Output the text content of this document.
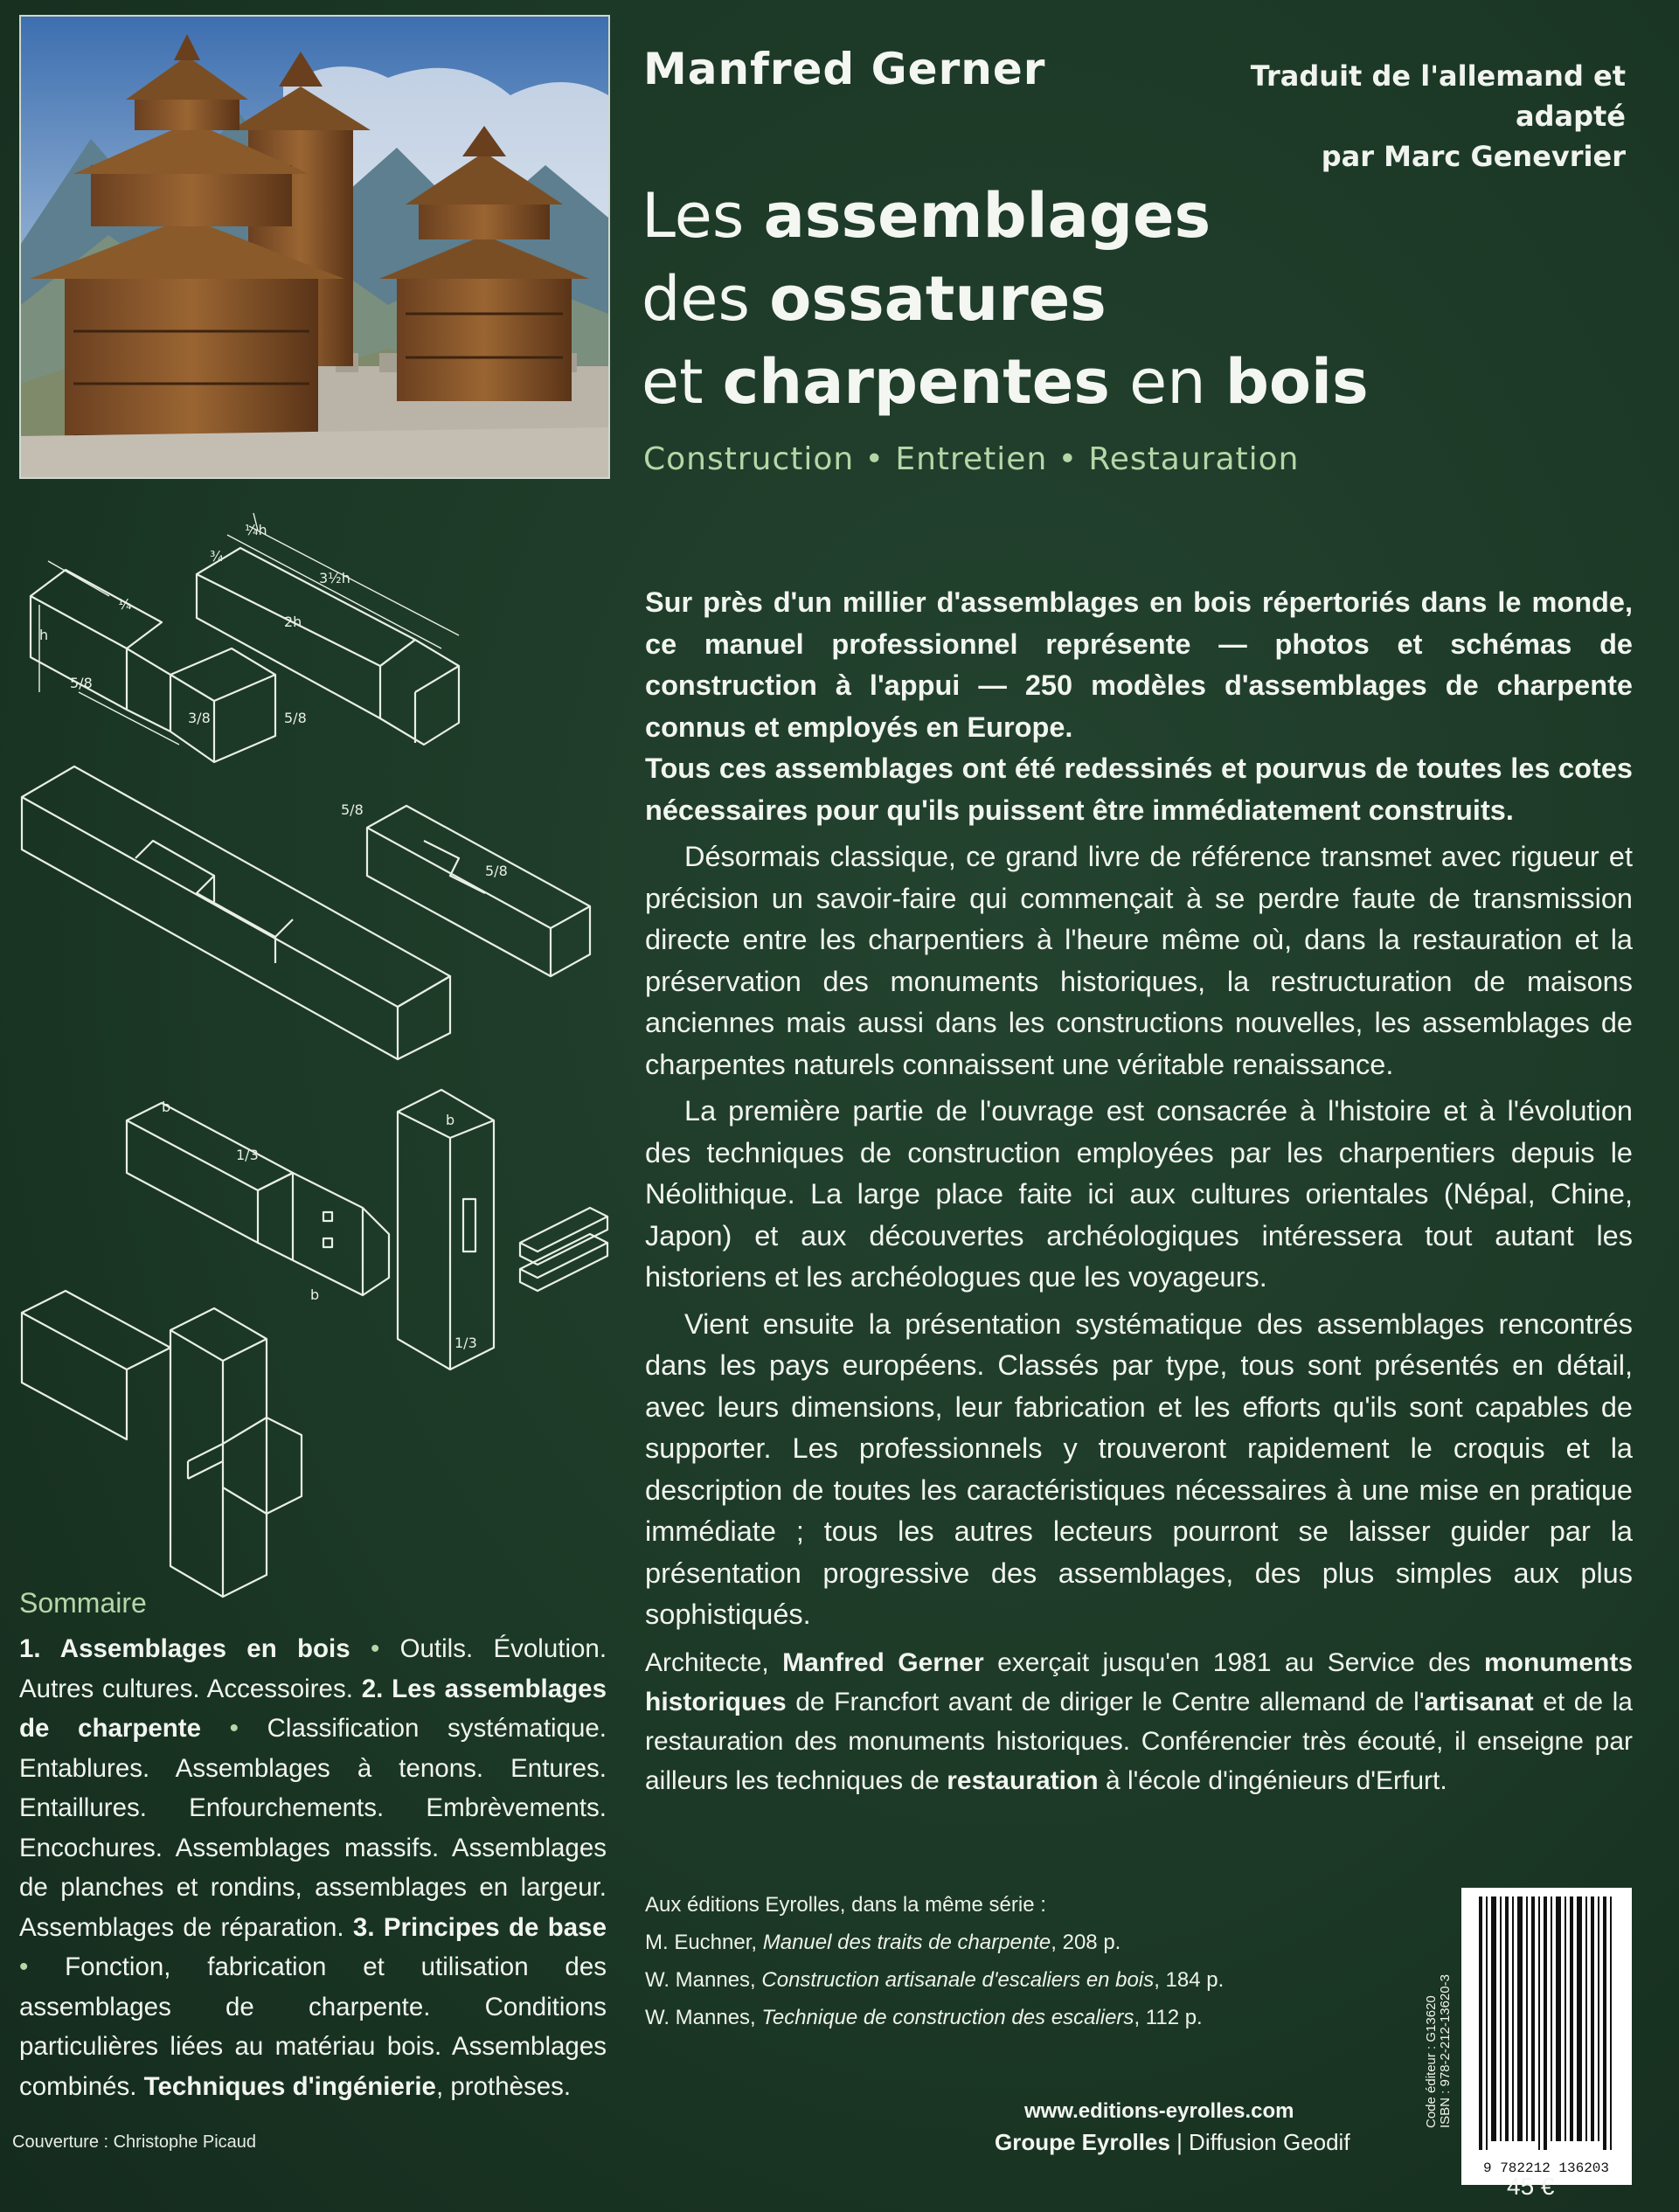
Manfred Gerner	Traduit de l'allemand et adapté
par Marc Genevrier
Les assemblages
des ossatures
et charpentes en bois
Construction • Entretien • Restauration
¼h
3½h
2h
h
5/8
5/8
3/8
¼
¾
5/8
5/8
b
1/3
b
b
1/3

Sur près d'un millier d'assemblages en bois répertoriés dans le monde, ce manuel professionnel représente — photos et schémas de construction à l'appui — 250 modèles d'assemblages de charpente connus et employés en Europe.

Tous ces assemblages ont été redessinés et pourvus de toutes les cotes nécessaires pour qu'ils puissent être immédiatement construits.

Désormais classique, ce grand livre de référence transmet avec rigueur et précision un savoir-faire qui commençait à se perdre faute de transmission directe entre les charpentiers à l'heure même où, dans la restauration et la préservation des monuments historiques, la restructuration de maisons anciennes mais aussi dans les constructions nouvelles, les assemblages de charpentes naturels connaissent une véritable renaissance.

La première partie de l'ouvrage est consacrée à l'histoire et à l'évolution des techniques de construction employées par les charpentiers depuis le Néolithique. La large place faite ici aux cultures orientales (Népal, Chine, Japon) et aux découvertes archéologiques intéressera tout autant les historiens et les archéologues que les voyageurs.

Vient ensuite la présentation systématique des assemblages rencontrés dans les pays européens. Classés par type, tous sont présentés en détail, avec leurs dimensions, leur fabrication et les efforts qu'ils sont capables de supporter. Les professionnels y trouveront rapidement le croquis et la description de toutes les caractéristiques nécessaires à une mise en pratique immédiate ; tous les autres lecteurs pourront se laisser guider par la présentation progressive des assemblages, des plus simples aux plus sophistiqués.

Architecte, Manfred Gerner exerçait jusqu'en 1981 au Service des monuments historiques de Francfort avant de diriger le Centre allemand de l'artisanat et de la restauration des monuments historiques. Conférencier très écouté, il enseigne par ailleurs les techniques de restauration à l'école d'ingénieurs d'Erfurt.
Sommaire
1. Assemblages en bois • Outils. Évolution. Autres cultures. Accessoires. 2. Les assemblages de charpente • Classification systématique. Entablures. Assemblages à tenons. Entures. Entaillures. Enfourchements. Embrèvements. Encochures. Assemblages massifs. Assemblages de planches et rondins, assemblages en largeur. Assemblages de réparation. 3. Principes de base • Fonction, fabrication et utilisation des assemblages de charpente. Conditions particulières liées au matériau bois. Assemblages combinés. Techniques d'ingénierie, prothèses.
Aux éditions Eyrolles, dans la même série :
M. Euchner, Manuel des traits de charpente, 208 p.
W. Mannes, Construction artisanale d'escaliers en bois, 184 p.
W. Mannes, Technique de construction des escaliers, 112 p.	Code éditeur : G13620 ISBN : 978-2-212-13620-3
9 782212 136203
Couverture : Christophe Picaud
www.editions-eyrolles.com
Groupe Eyrolles | Diffusion Geodif
45 €
